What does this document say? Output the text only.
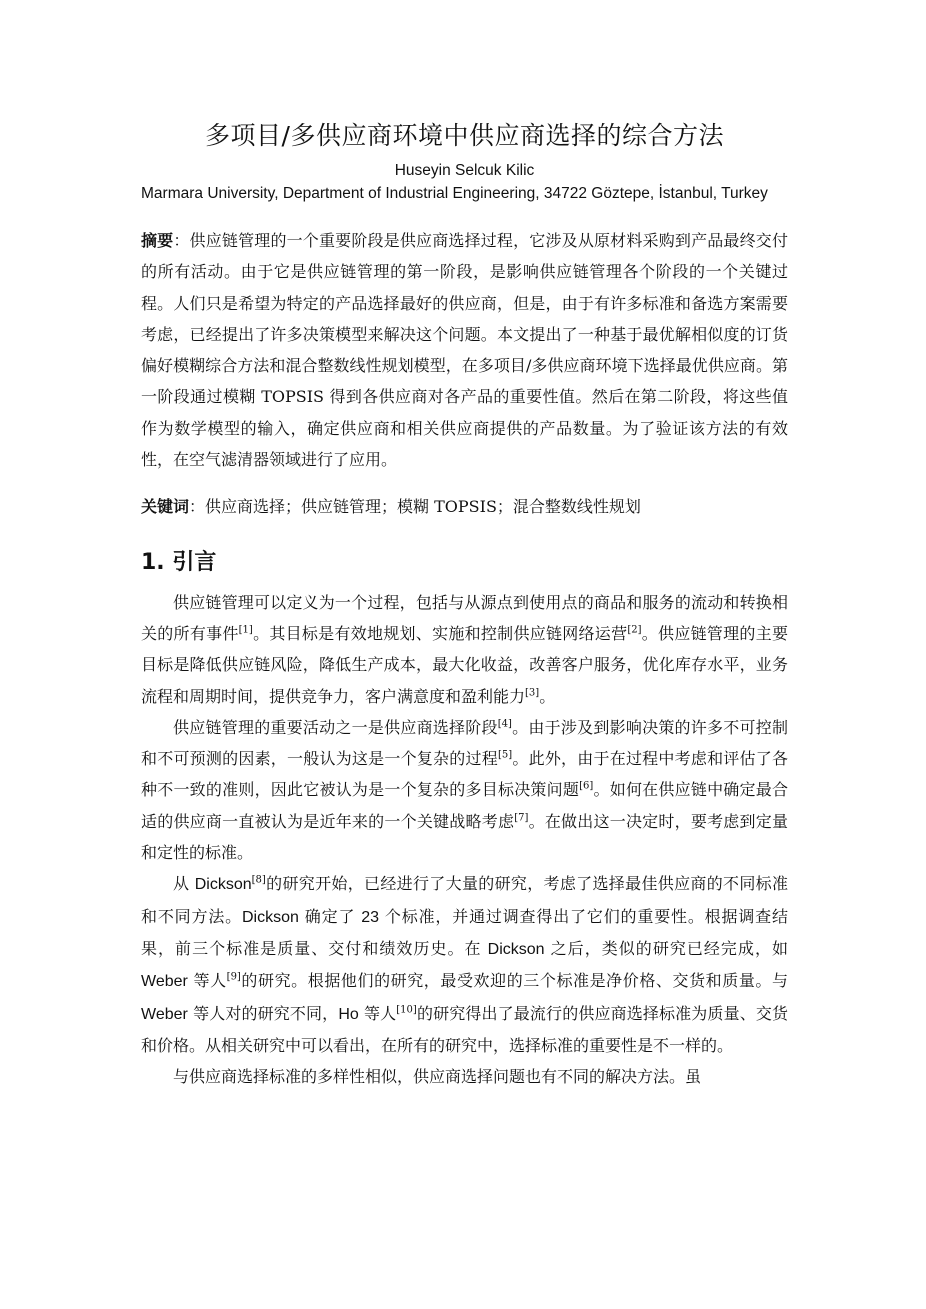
多项目/多供应商环境中供应商选择的综合方法

Huseyin Selcuk Kilic

Marmara University, Department of Industrial Engineering, 34722 Göztepe, İstanbul, Turkey

摘要：供应链管理的一个重要阶段是供应商选择过程，它涉及从原材料采购到产品最终交付的所有活动。由于它是供应链管理的第一阶段，是影响供应链管理各个阶段的一个关键过程。人们只是希望为特定的产品选择最好的供应商，但是，由于有许多标准和备选方案需要考虑，已经提出了许多决策模型来解决这个问题。本文提出了一种基于最优解相似度的订货偏好模糊综合方法和混合整数线性规划模型，在多项目/多供应商环境下选择最优供应商。第一阶段通过模糊 TOPSIS 得到各供应商对各产品的重要性值。然后在第二阶段，将这些值作为数学模型的输入，确定供应商和相关供应商提供的产品数量。为了验证该方法的有效性，在空气滤清器领域进行了应用。

关键词：供应商选择；供应链管理；模糊 TOPSIS；混合整数线性规划

1. 引言

供应链管理可以定义为一个过程，包括与从源点到使用点的商品和服务的流动和转换相关的所有事件[1]。其目标是有效地规划、实施和控制供应链网络运营[2]。供应链管理的主要目标是降低供应链风险，降低生产成本，最大化收益，改善客户服务，优化库存水平，业务流程和周期时间，提供竞争力，客户满意度和盈利能力[3]。

供应链管理的重要活动之一是供应商选择阶段[4]。由于涉及到影响决策的许多不可控制和不可预测的因素，一般认为这是一个复杂的过程[5]。此外，由于在过程中考虑和评估了各种不一致的准则，因此它被认为是一个复杂的多目标决策问题[6]。如何在供应链中确定最合适的供应商一直被认为是近年来的一个关键战略考虑[7]。在做出这一决定时，要考虑到定量和定性的标准。

从 Dickson[8]的研究开始，已经进行了大量的研究，考虑了选择最佳供应商的不同标准和不同方法。Dickson 确定了 23 个标准，并通过调查得出了它们的重要性。根据调查结果，前三个标准是质量、交付和绩效历史。在 Dickson 之后，类似的研究已经完成，如 Weber 等人[9]的研究。根据他们的研究，最受欢迎的三个标准是净价格、交货和质量。与 Weber 等人对的研究不同，Ho 等人[10]的研究得出了最流行的供应商选择标准为质量、交货和价格。从相关研究中可以看出，在所有的研究中，选择标准的重要性是不一样的。

与供应商选择标准的多样性相似，供应商选择问题也有不同的解决方法。虽
